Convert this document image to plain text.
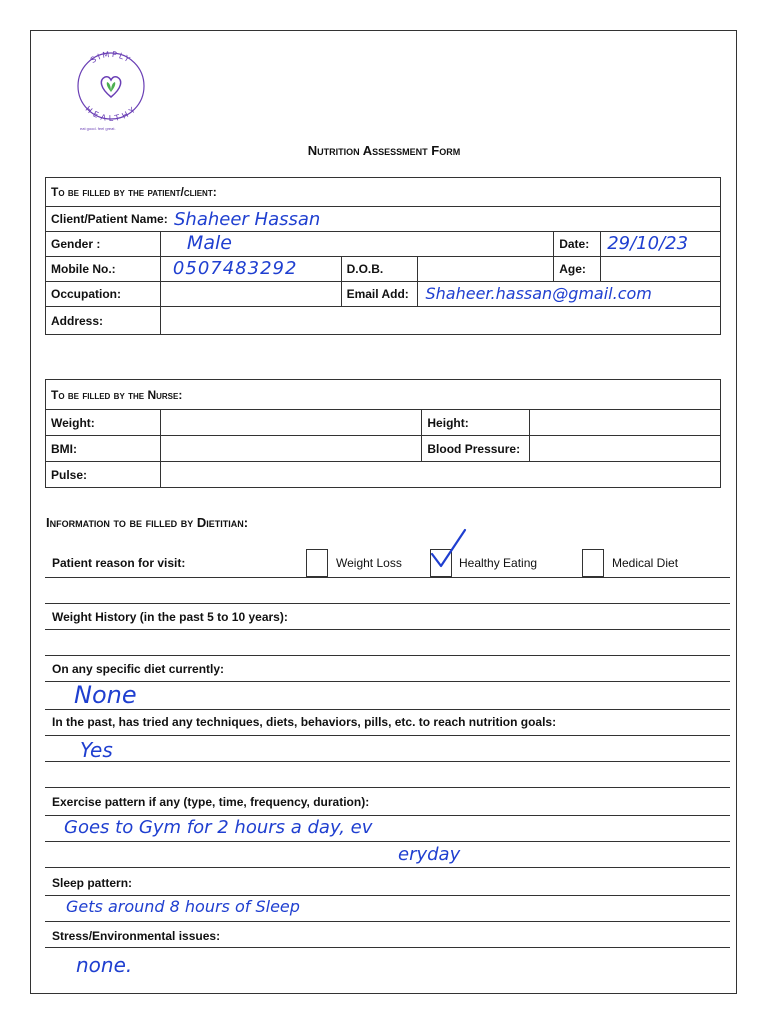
SIMPLY
HEALTHY
eat good. feel great.
Nutrition Assessment Form
To be filled by the patient/client:					
Client/Patient Name: Shaheer Hassan					

Gender :	Male			Date:	29/10/23

Mobile No.:	0507483292	D.O.B.		Age:	
Occupation:		Email Add:	Shaheer.hassan@gmail.com		

Address:					
To be filled by the Nurse:			
Weight:		Height:	
BMI:		Blood Pressure:	
Pulse:			
Information to be filled by Dietitian:
Patient reason for visit:	Weight Loss	Healthy Eating	Medical Diet
Weight History (in the past 5 to 10 years):
On any specific diet currently:
None
In the past, has tried any techniques, diets, behaviors, pills, etc. to reach nutrition goals:
Yes
Exercise pattern if any (type, time, frequency, duration):
Goes to Gym for 2 hours a day, ev
eryday
Sleep pattern:
Gets around 8 hours of Sleep
Stress/Environmental issues:
none.
